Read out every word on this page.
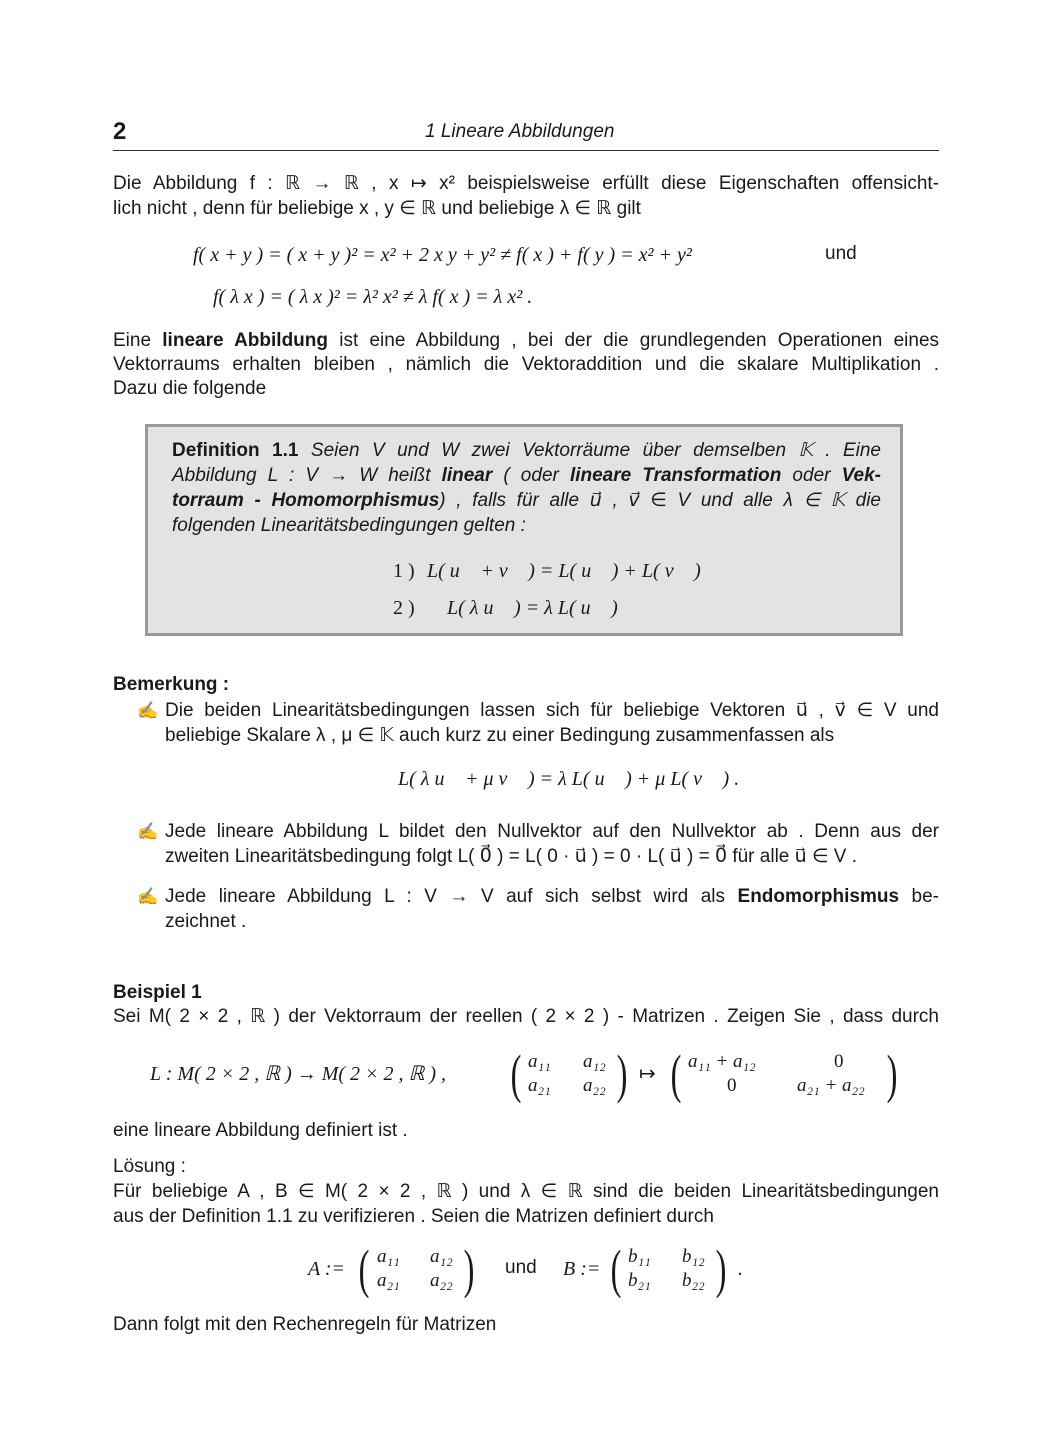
2	1 Lineare Abbildungen
Die Abbildung f : ℝ → ℝ , x ↦ x² beispielsweise erfüllt diese Eigenschaften offensicht-
lich nicht , denn für beliebige x , y ∈ ℝ und beliebige λ ∈ ℝ gilt
f( x + y ) = ( x + y )² = x² + 2 x y + y² ≠ f( x ) + f( y ) = x² + y²	und
f( λ x ) = ( λ x )² = λ² x² ≠ λ f( x ) = λ x² .
Eine lineare Abbildung ist eine Abbildung , bei der die grundlegenden Operationen eines
Vektorraums erhalten bleiben , nämlich die Vektoraddition und die skalare Multiplikation .
Dazu die folgende
Definition 1.1 Seien V und W zwei Vektorräume über demselben 𝕂 . Eine
Abbildung L : V → W heißt linear ( oder lineare Transformation oder Vek-
torraum - Homomorphismus) , falls für alle u⃗ , v⃗ ∈ V und alle λ ∈ 𝕂 die
folgenden Linearitätsbedingungen gelten :
1 ) L( u⃗ + v⃗ ) = L( u⃗ ) + L( v⃗ )
2 ) L( λ u⃗ ) = λ L( u⃗ )
Bemerkung :
✍ Die beiden Linearitätsbedingungen lassen sich für beliebige Vektoren u⃗ , v⃗ ∈ V und
beliebige Skalare λ , μ ∈ 𝕂 auch kurz zu einer Bedingung zusammenfassen als
L( λ u⃗ + μ v⃗ ) = λ L( u⃗ ) + μ L( v⃗ ) .
✍ Jede lineare Abbildung L bildet den Nullvektor auf den Nullvektor ab . Denn aus der
zweiten Linearitätsbedingung folgt L( 0⃗ ) = L( 0 · u⃗ ) = 0 · L( u⃗ ) = 0⃗ für alle u⃗ ∈ V .
✍ Jede lineare Abbildung L : V → V auf sich selbst wird als Endomorphismus be-
zeichnet .
Beispiel 1
Sei M( 2 × 2 , ℝ ) der Vektorraum der reellen ( 2 × 2 ) - Matrizen . Zeigen Sie , dass durch
L : M( 2 × 2 , ℝ ) → M( 2 × 2 , ℝ ) , ( a₁₁ a₁₂
a₂₁ a₂₂ ) ↦ ( a₁₁ + a₁₂	0
0	a₂₁ + a₂₂ )
eine lineare Abbildung definiert ist .
Lösung :
Für beliebige A , B ∈ M( 2 × 2 , ℝ ) und λ ∈ ℝ sind die beiden Linearitätsbedingungen
aus der Definition 1.1 zu verifizieren . Seien die Matrizen definiert durch
A := ( a₁₁ a₁₂
a₂₁ a₂₂ ) und B := ( b₁₁ b₁₂
b₂₁ b₂₂ ) .
Dann folgt mit den Rechenregeln für Matrizen
